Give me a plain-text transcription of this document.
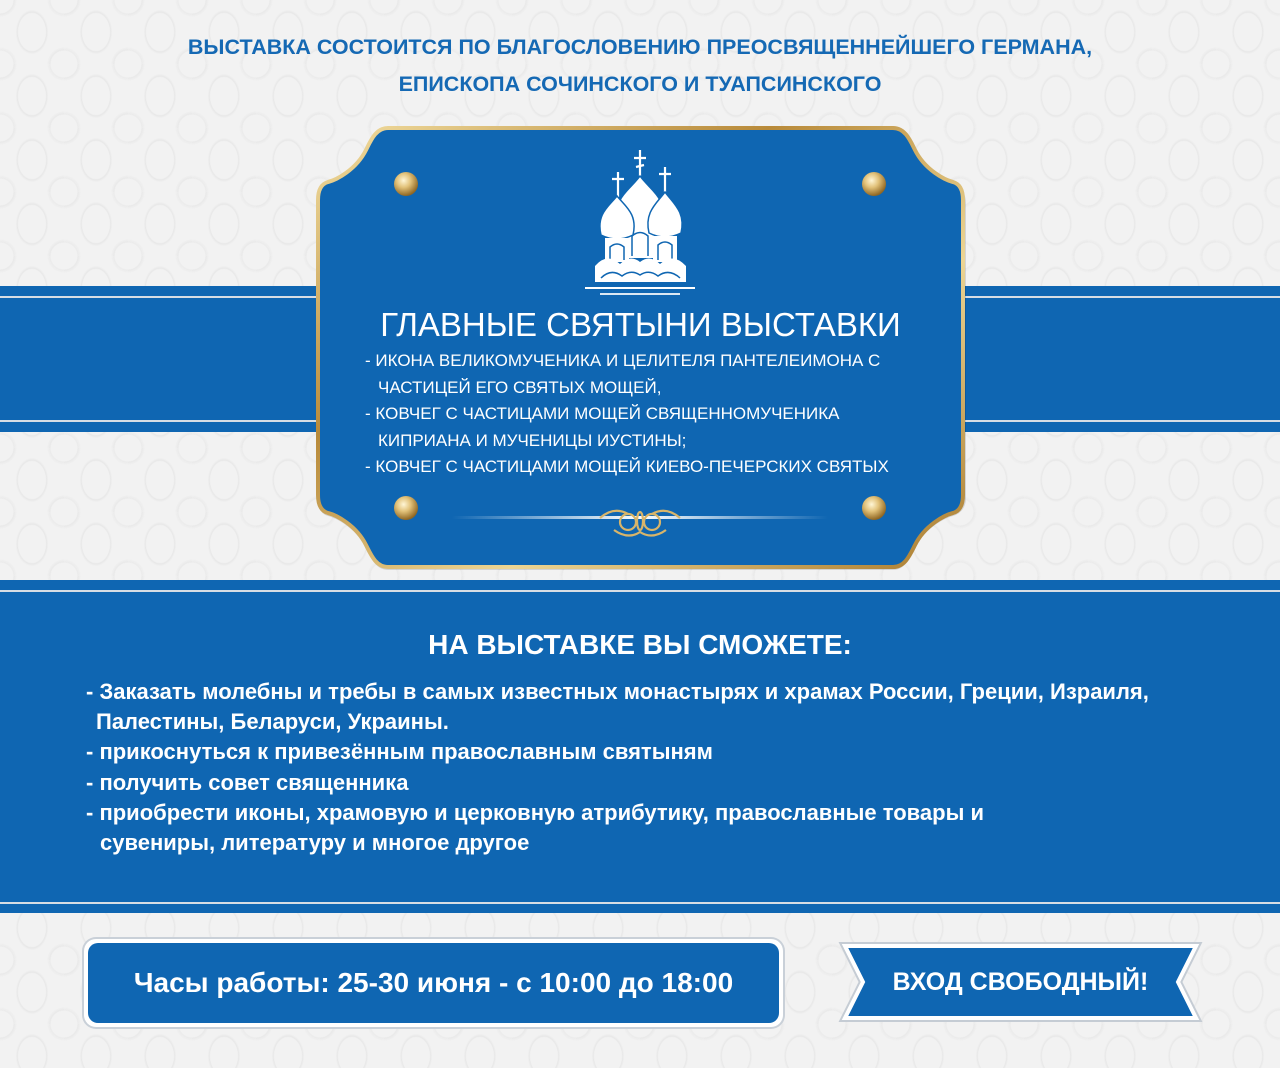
ВЫСТАВКА СОСТОИТСЯ ПО БЛАГОСЛОВЕНИЮ ПРЕОСВЯЩЕННЕЙШЕГО ГЕРМАНА,
ЕПИСКОПА СОЧИНСКОГО И ТУАПСИНСКОГО
ГЛАВНЫЕ СВЯТЫНИ ВЫСТАВКИ
- ИКОНА ВЕЛИКОМУЧЕНИКА И ЦЕЛИТЕЛЯ ПАНТЕЛЕИМОНА С
ЧАСТИЦЕЙ ЕГО СВЯТЫХ МОЩЕЙ,
- КОВЧЕГ С ЧАСТИЦАМИ МОЩЕЙ СВЯЩЕННОМУЧЕНИКА
КИПРИАНА И МУЧЕНИЦЫ ИУСТИНЫ;
- КОВЧЕГ С ЧАСТИЦАМИ МОЩЕЙ КИЕВО-ПЕЧЕРСКИХ СВЯТЫХ
НА ВЫСТАВКЕ ВЫ СМОЖЕТЕ:
- Заказать молебны и требы в самых известных монастырях и храмах России, Греции, Израиля,
Палестины, Беларуси, Украины.
- прикоснуться к привезённым православным святыням
- получить совет священника
- приобрести иконы, храмовую и церковную атрибутику, православные товары и
сувениры, литературу и многое другое
Часы работы: 25-30 июня - с 10:00 до 18:00	ВХОД СВОБОДНЫЙ!
